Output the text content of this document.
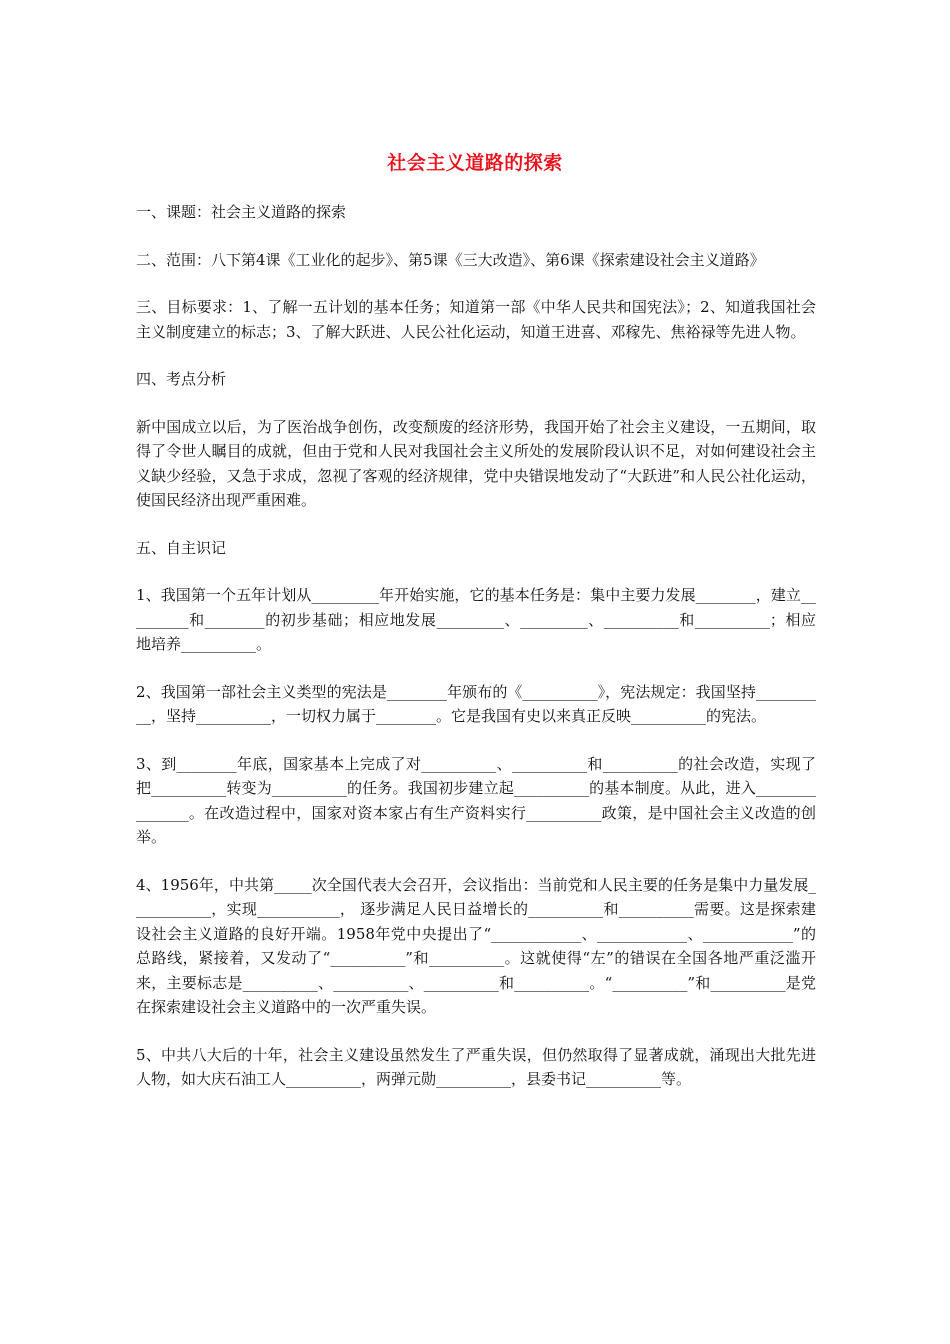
社会主义道路的探索

一、课题：社会主义道路的探索

二、范围：八下第4课《工业化的起步》、第5课《三大改造》、第6课《探索建设社会主义道路》

三、目标要求：1、了解一五计划的基本任务；知道第一部《中华人民共和国宪法》；2、知道我国社会主义制度建立的标志；3、了解大跃进、人民公社化运动，知道王进喜、邓稼先、焦裕禄等先进人物。

四、考点分析

新中国成立以后，为了医治战争创伤，改变颓废的经济形势，我国开始了社会主义建设，一五期间，取得了令世人瞩目的成就，但由于党和人民对我国社会主义所处的发展阶段认识不足，对如何建设社会主义缺少经验，又急于求成，忽视了客观的经济规律，党中央错误地发动了“大跃进”和人民公社化运动，使国民经济出现严重困难。

五、自主识记

1、我国第一个五年计划从_________年开始实施，它的基本任务是：集中主要力发展________，建立_________和________的初步基础；相应地发展_________、_________、__________和__________；相应地培养__________。

2、我国第一部社会主义类型的宪法是________年颁布的《__________》，宪法规定：我国坚持__________，坚持__________，一切权力属于________。它是我国有史以来真正反映__________的宪法。

3、到________年底，国家基本上完成了对__________、__________和__________的社会改造，实现了把__________转变为__________的任务。我国初步建立起__________的基本制度。从此，进入_______________。在改造过程中，国家对资本家占有生产资料实行__________政策，是中国社会主义改造的创举。

4、1956年，中共第_____次全国代表大会召开，会议指出：当前党和人民主要的任务是集中力量发展___________，实现___________， 逐步满足人民日益增长的__________和__________需要。这是探索建设社会主义道路的良好开端。1958年党中央提出了“____________、____________、____________”的总路线，紧接着，又发动了“__________”和__________。这就使得“左”的错误在全国各地严重泛滥开来，主要标志是__________、__________、__________和__________。“__________”和__________是党在探索建设社会主义道路中的一次严重失误。

5、中共八大后的十年，社会主义建设虽然发生了严重失误，但仍然取得了显著成就，涌现出大批先进人物，如大庆石油工人__________，两弹元勋__________，县委书记__________等。
